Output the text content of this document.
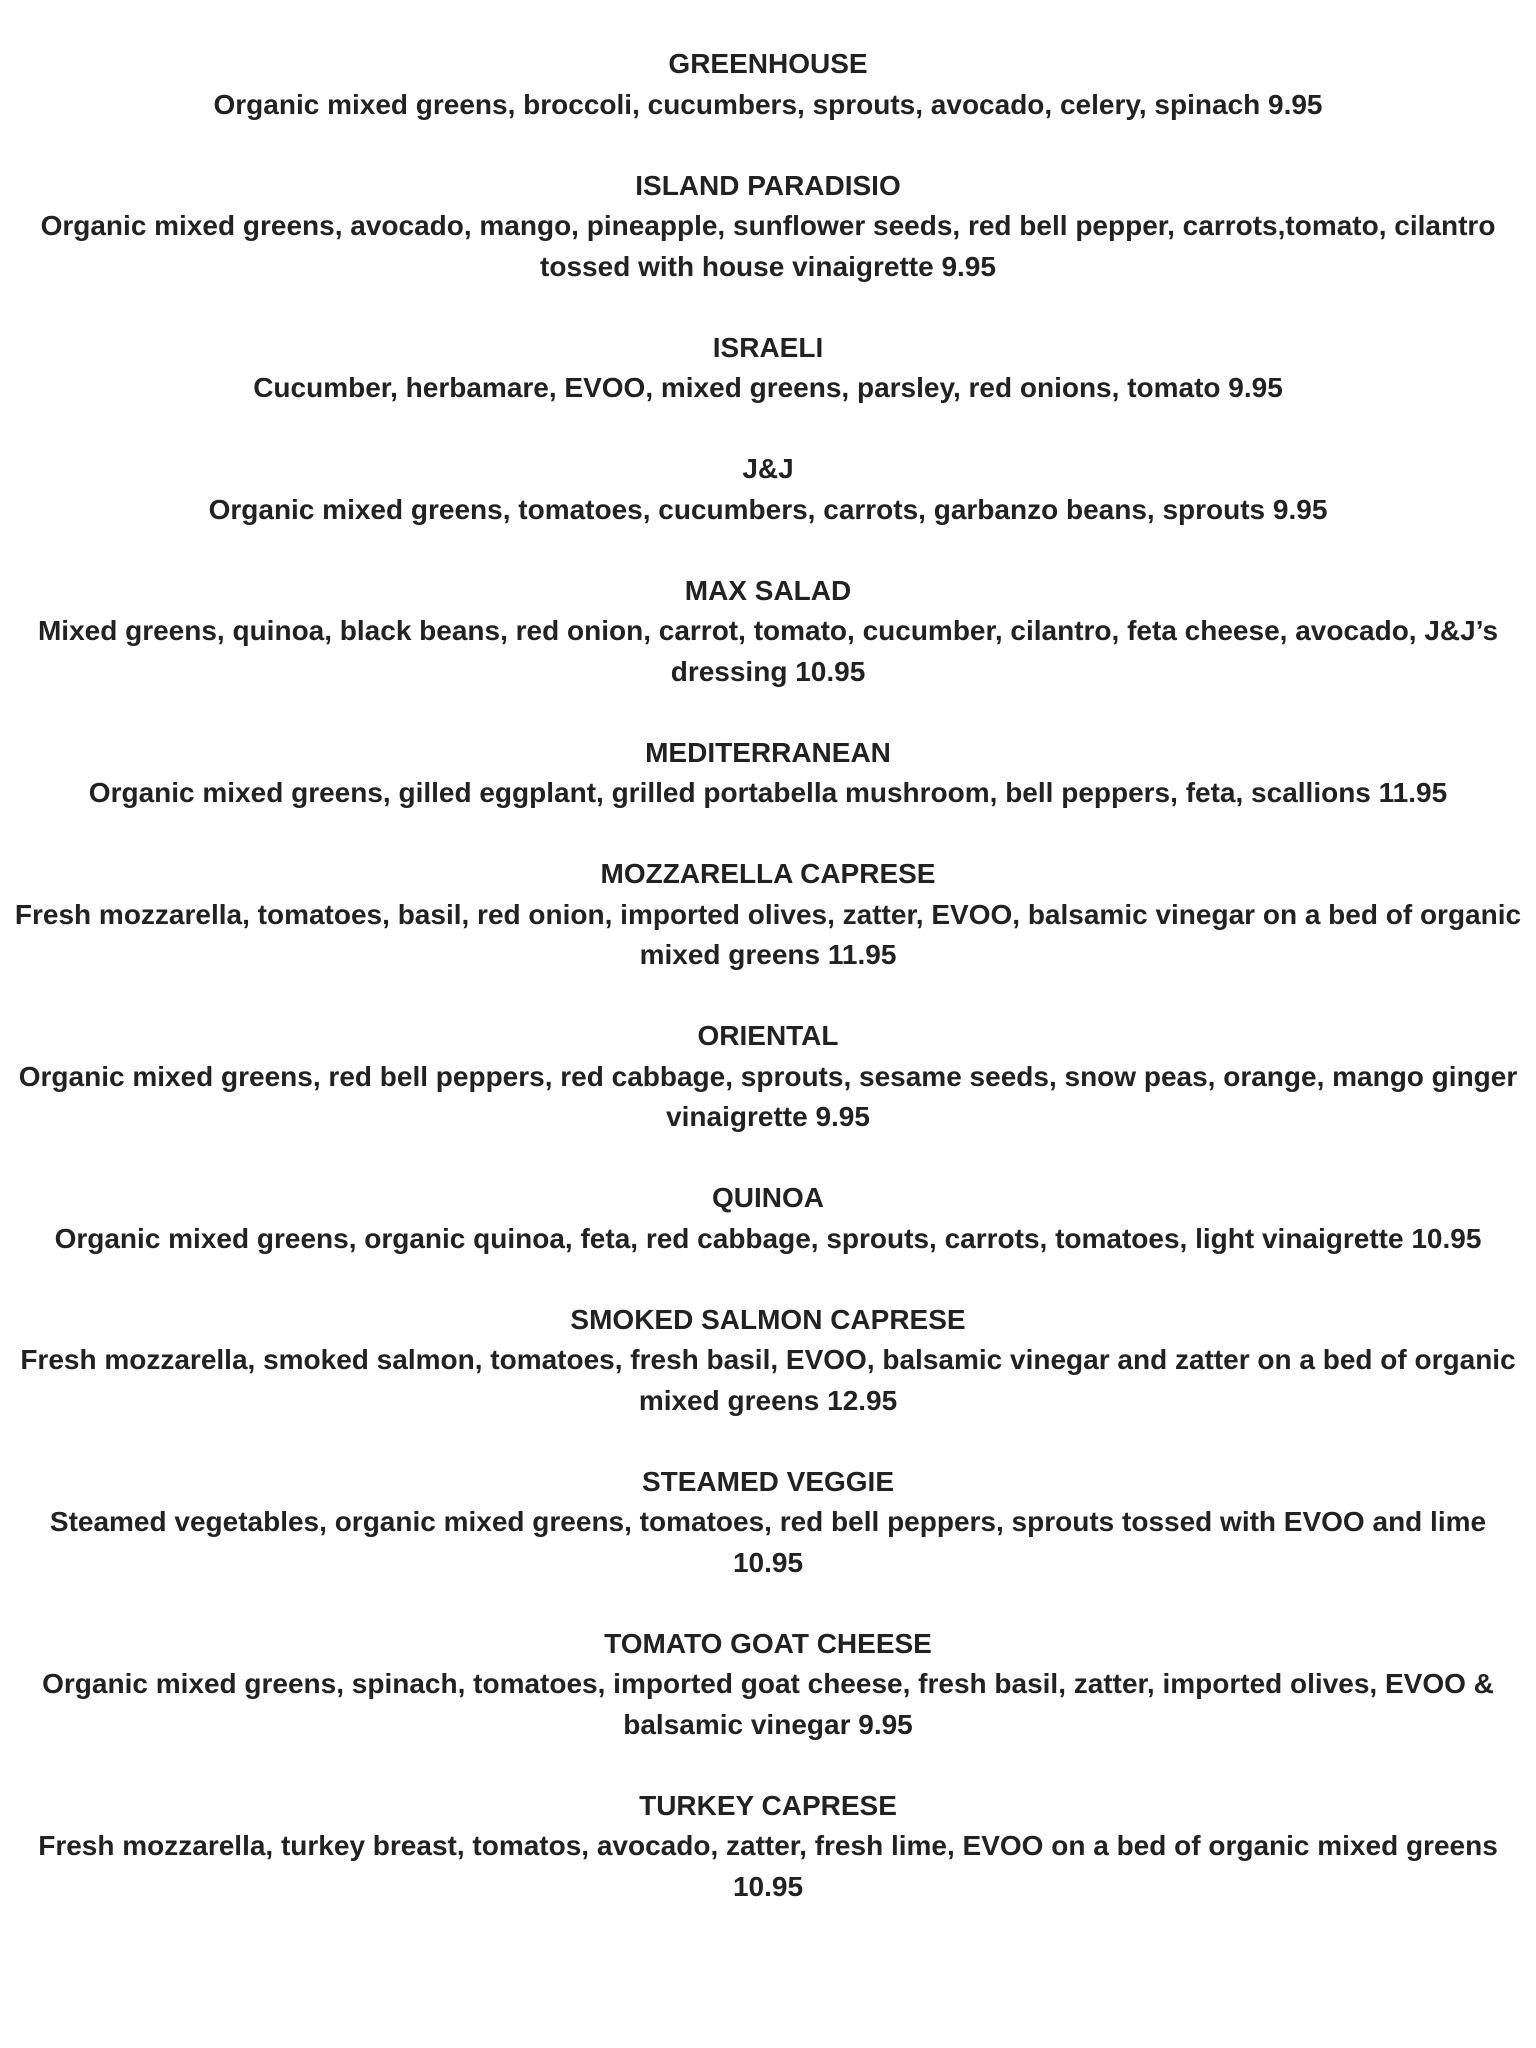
GREENHOUSE
Organic mixed greens, broccoli, cucumbers, sprouts, avocado, celery, spinach 9.95
ISLAND PARADISIO
Organic mixed greens, avocado, mango, pineapple, sunflower seeds, red bell pepper, carrots,tomato, cilantro tossed with house vinaigrette 9.95
ISRAELI
Cucumber, herbamare, EVOO, mixed greens, parsley, red onions, tomato 9.95
J&J
Organic mixed greens, tomatoes, cucumbers, carrots, garbanzo beans, sprouts 9.95
MAX SALAD
Mixed greens, quinoa, black beans, red onion, carrot, tomato, cucumber, cilantro, feta cheese, avocado, J&J’s dressing 10.95
MEDITERRANEAN
Organic mixed greens, gilled eggplant, grilled portabella mushroom, bell peppers, feta, scallions 11.95
MOZZARELLA CAPRESE
Fresh mozzarella, tomatoes, basil, red onion, imported olives, zatter, EVOO, balsamic vinegar on a bed of organic mixed greens 11.95
ORIENTAL
Organic mixed greens, red bell peppers, red cabbage, sprouts, sesame seeds, snow peas, orange, mango ginger vinaigrette 9.95
QUINOA
Organic mixed greens, organic quinoa, feta, red cabbage, sprouts, carrots, tomatoes, light vinaigrette 10.95
SMOKED SALMON CAPRESE
Fresh mozzarella, smoked salmon, tomatoes, fresh basil, EVOO, balsamic vinegar and zatter on a bed of organic mixed greens 12.95
STEAMED VEGGIE
Steamed vegetables, organic mixed greens, tomatoes, red bell peppers, sprouts tossed with EVOO and lime 10.95
TOMATO GOAT CHEESE
Organic mixed greens, spinach, tomatoes, imported goat cheese, fresh basil, zatter, imported olives, EVOO & balsamic vinegar 9.95
TURKEY CAPRESE
Fresh mozzarella, turkey breast, tomatos, avocado, zatter, fresh lime, EVOO on a bed of organic mixed greens 10.95
